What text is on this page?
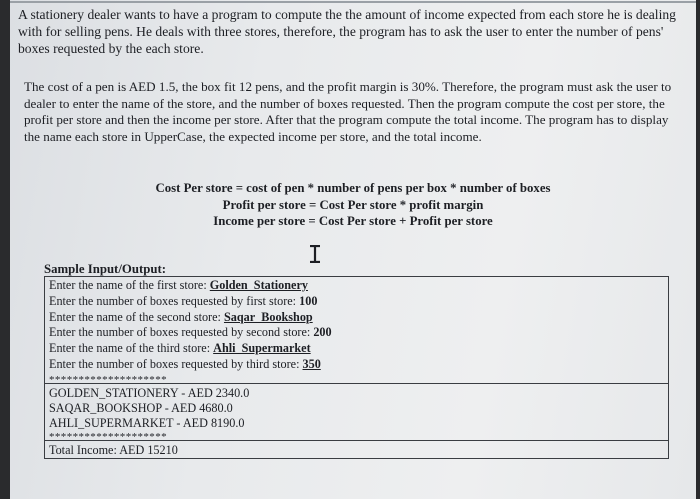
A stationery dealer wants to have a program to compute the the amount of income expected from each store he is dealing with for selling pens. He deals with three stores, therefore, the program has to ask the user to enter the number of pens' boxes requested by the each store.
The cost of a pen is AED 1.5, the box fit 12 pens, and the profit margin is 30%. Therefore, the program must ask the user to dealer to enter the name of the store, and the number of boxes requested. Then the program compute the cost per store, the profit per store and then the income per store. After that the program compute the total income. The program has to display the name each store in UpperCase, the expected income per store, and the total income.
Cost Per store = cost of pen * number of pens per box * number of boxes
Profit per store = Cost Per store * profit margin
Income per store = Cost Per store + Profit per store
Sample Input/Output:
Enter the name of the first store: Golden_Stationery
Enter the number of boxes requested by first store: 100
Enter the name of the second store: Saqar_Bookshop
Enter the number of boxes requested by second store: 200
Enter the name of the third store: Ahli_Supermarket
Enter the number of boxes requested by third store: 350
********************
GOLDEN_STATIONERY - AED 2340.0
SAQAR_BOOKSHOP - AED 4680.0
AHLI_SUPERMARKET - AED 8190.0
********************
Total Income: AED 15210
